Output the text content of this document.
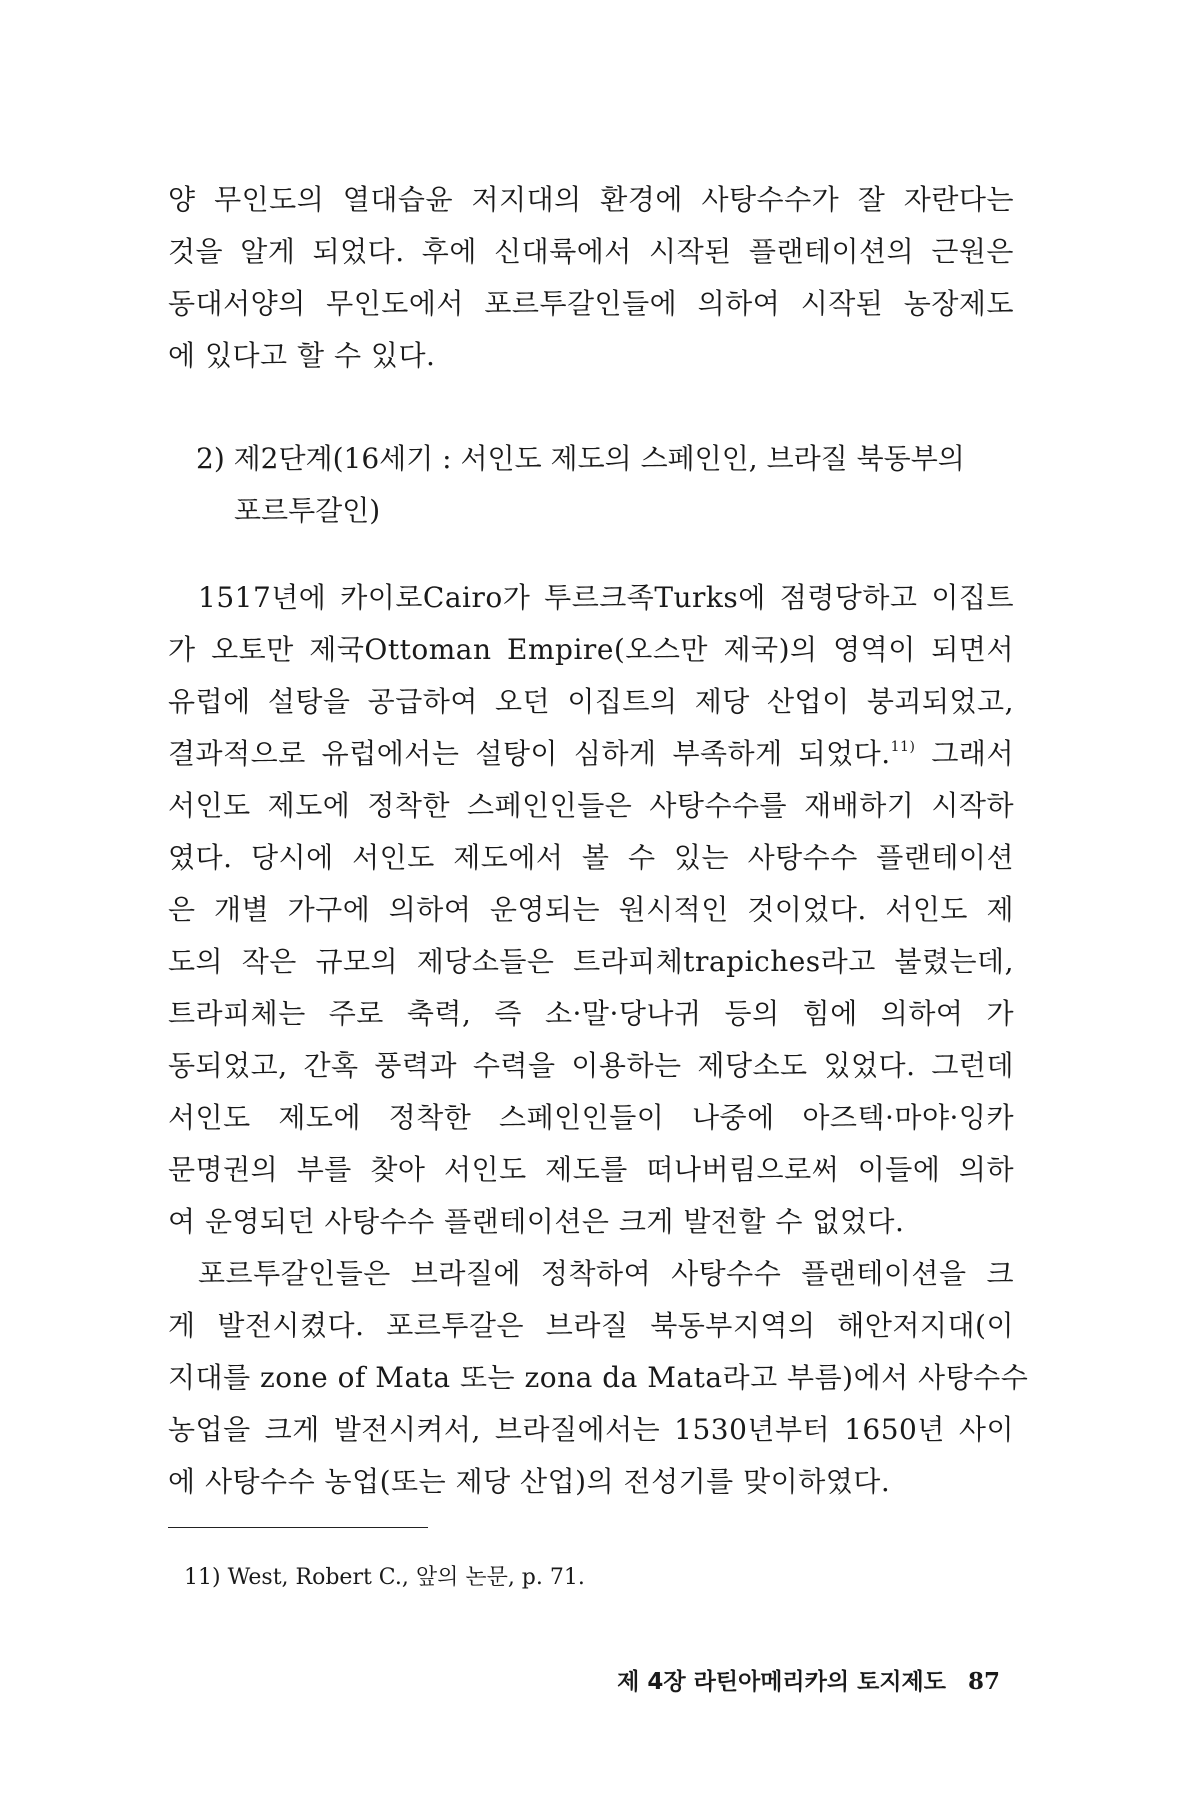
양 무인도의 열대습윤 저지대의 환경에 사탕수수가 잘 자란다는
것을 알게 되었다. 후에 신대륙에서 시작된 플랜테이션의 근원은
동대서양의 무인도에서 포르투갈인들에 의하여 시작된 농장제도
에 있다고 할 수 있다.
2) 제2단계(16세기 : 서인도 제도의 스페인인, 브라질 북동부의
포르투갈인)
1517년에 카이로Cairo가 투르크족Turks에 점령당하고 이집트
가 오토만 제국Ottoman Empire(오스만 제국)의 영역이 되면서
유럽에 설탕을 공급하여 오던 이집트의 제당 산업이 붕괴되었고,
결과적으로 유럽에서는 설탕이 심하게 부족하게 되었다.$^{11)}$ 그래서
서인도 제도에 정착한 스페인인들은 사탕수수를 재배하기 시작하
였다. 당시에 서인도 제도에서 볼 수 있는 사탕수수 플랜테이션
은 개별 가구에 의하여 운영되는 원시적인 것이었다. 서인도 제
도의 작은 규모의 제당소들은 트라피체trapiches라고 불렸는데,
트라피체는 주로 축력, 즉 소·말·당나귀 등의 힘에 의하여 가
동되었고, 간혹 풍력과 수력을 이용하는 제당소도 있었다. 그런데
서인도 제도에 정착한 스페인인들이 나중에 아즈텍·마야·잉카
문명권의 부를 찾아 서인도 제도를 떠나버림으로써 이들에 의하
여 운영되던 사탕수수 플랜테이션은 크게 발전할 수 없었다.
포르투갈인들은 브라질에 정착하여 사탕수수 플랜테이션을 크
게 발전시켰다. 포르투갈은 브라질 북동부지역의 해안저지대(이
지대를 zone of Mata 또는 zona da Mata라고 부름)에서 사탕수수
농업을 크게 발전시켜서, 브라질에서는 1530년부터 1650년 사이
에 사탕수수 농업(또는 제당 산업)의 전성기를 맞이하였다.
11) West, Robert C., 앞의 논문, p. 71.
제 4장 라틴아메리카의 토지제도 87
